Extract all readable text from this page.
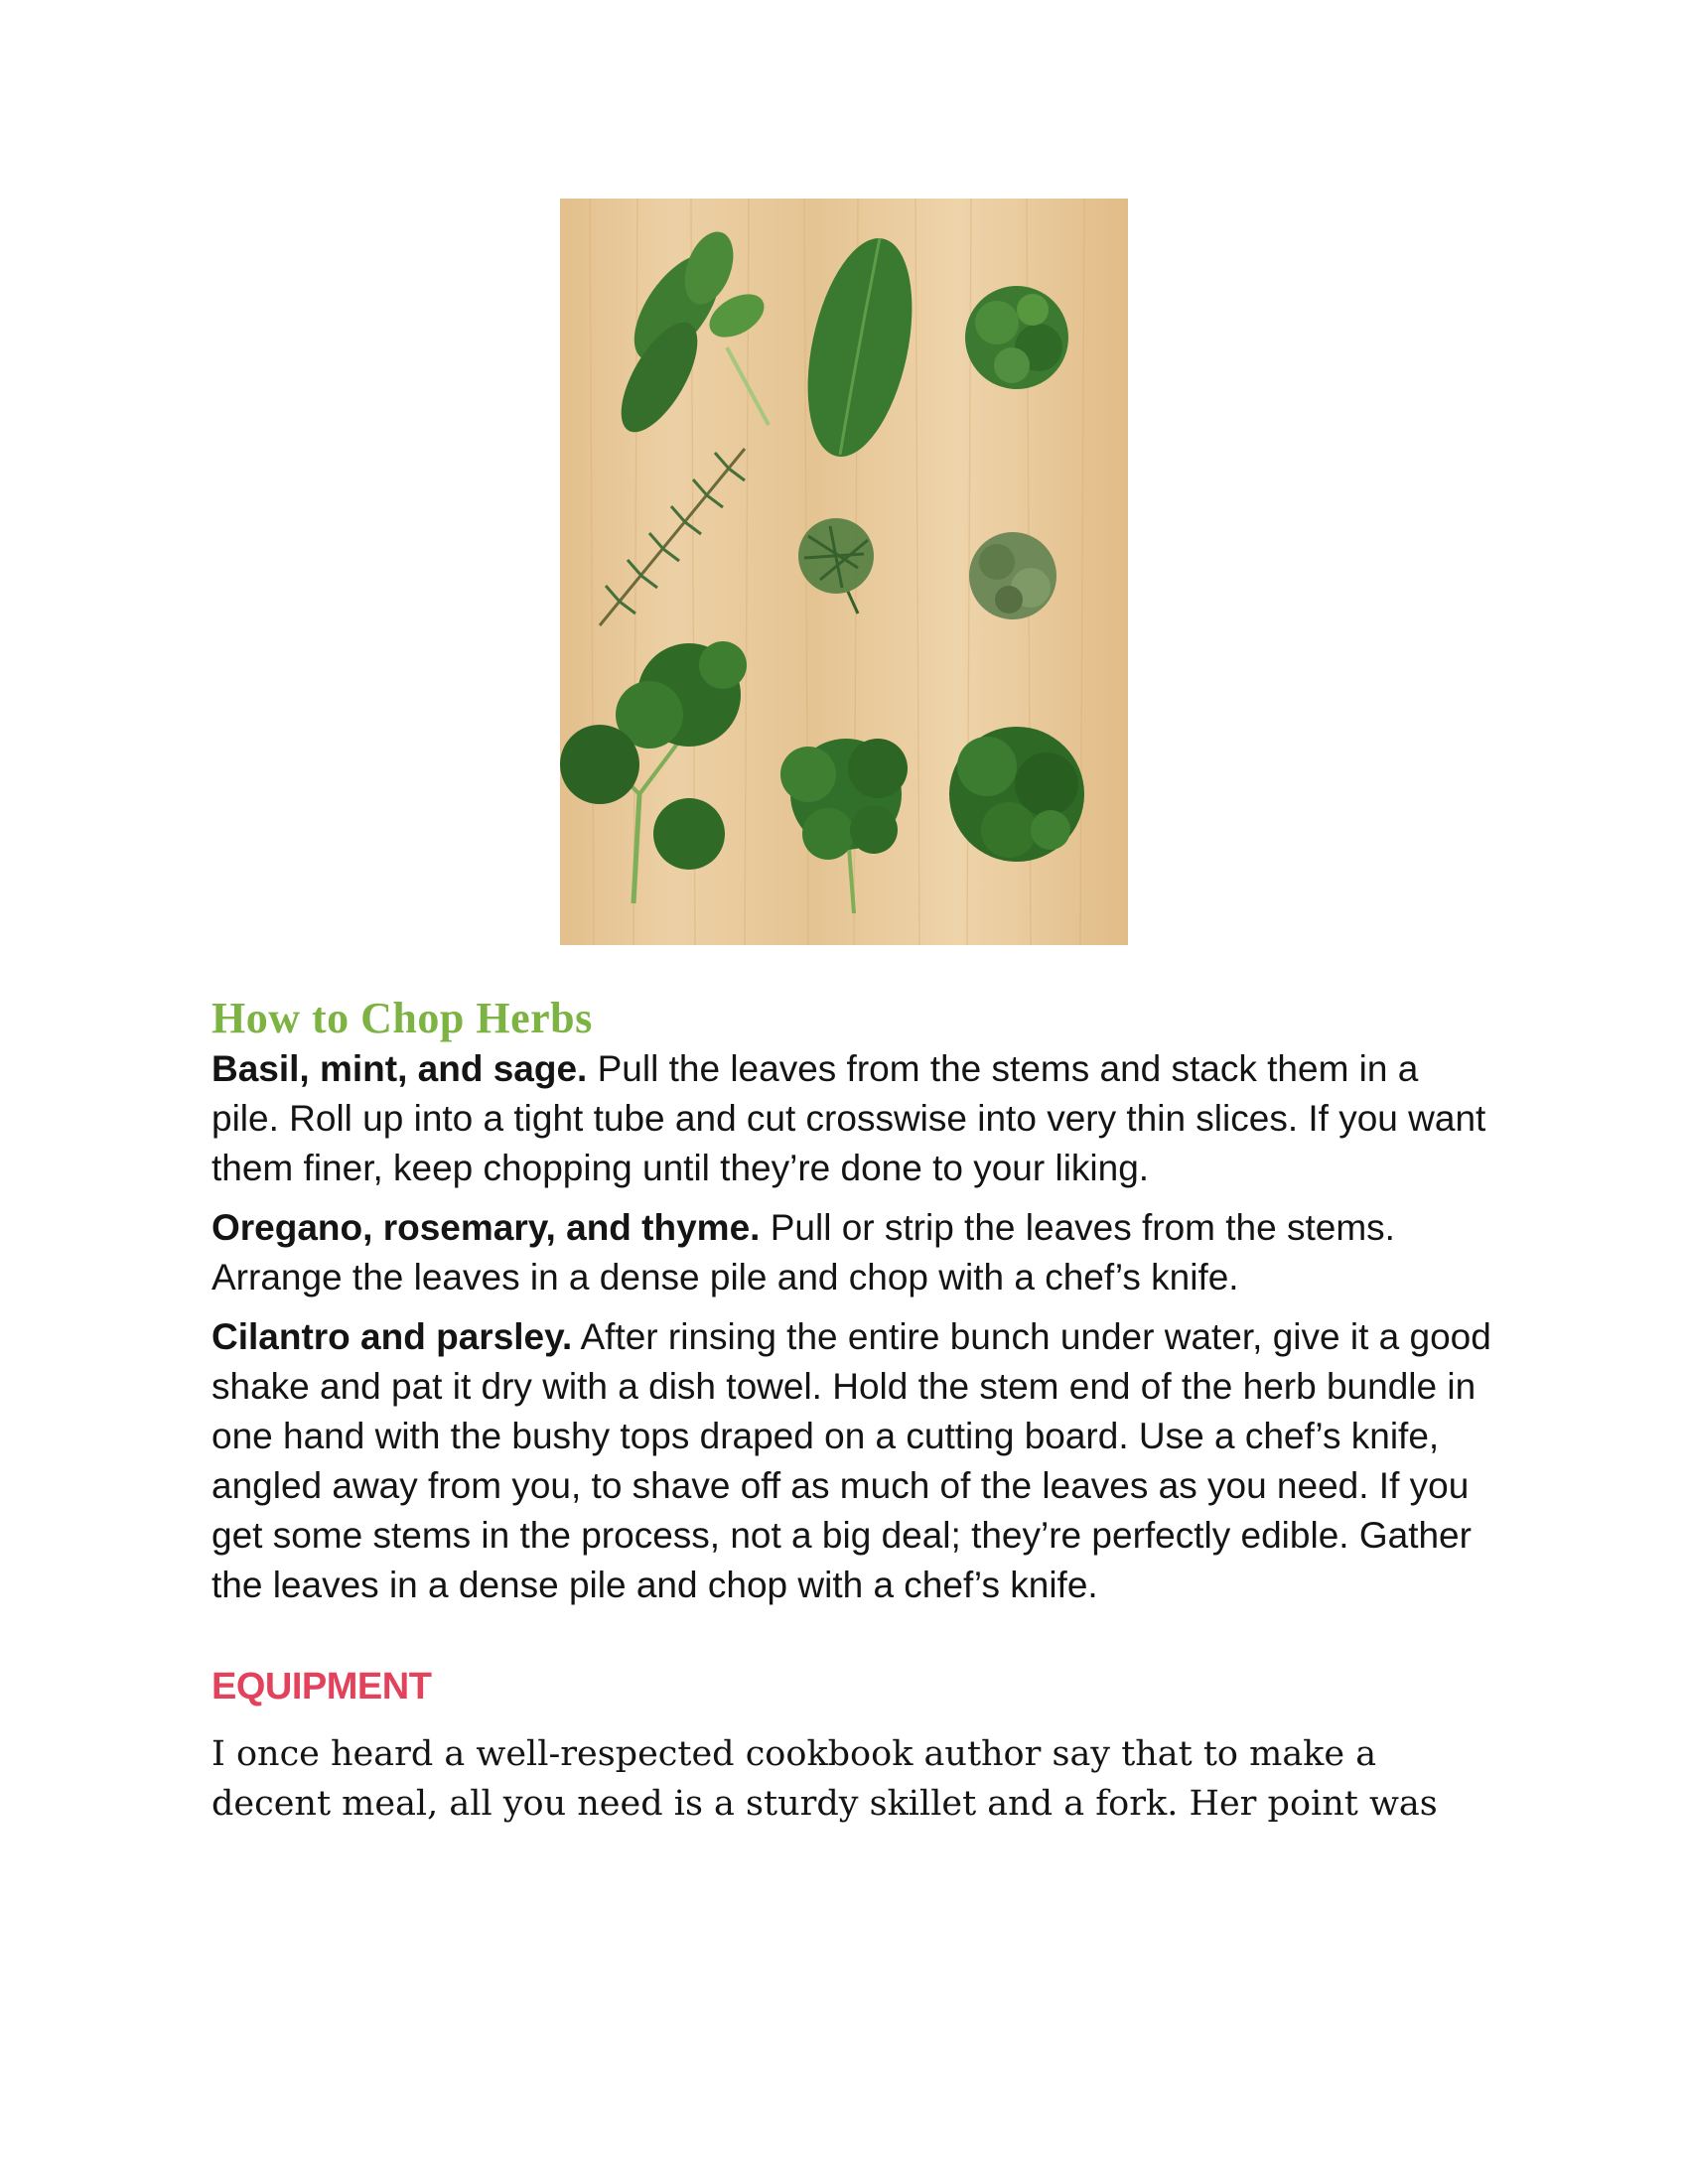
How to Chop Herbs

Basil, mint, and sage. Pull the leaves from the stems and stack them in a pile. Roll up into a tight tube and cut crosswise into very thin slices. If you want them finer, keep chopping until they’re done to your liking.

Oregano, rosemary, and thyme. Pull or strip the leaves from the stems. Arrange the leaves in a dense pile and chop with a chef’s knife.

Cilantro and parsley. After rinsing the entire bunch under water, give it a good shake and pat it dry with a dish towel. Hold the stem end of the herb bundle in one hand with the bushy tops draped on a cutting board. Use a chef’s knife, angled away from you, to shave off as much of the leaves as you need. If you get some stems in the process, not a big deal; they’re perfectly edible. Gather the leaves in a dense pile and chop with a chef’s knife.

EQUIPMENT

I once heard a well-respected cookbook author say that to make a decent meal, all you need is a sturdy skillet and a fork. Her point was
